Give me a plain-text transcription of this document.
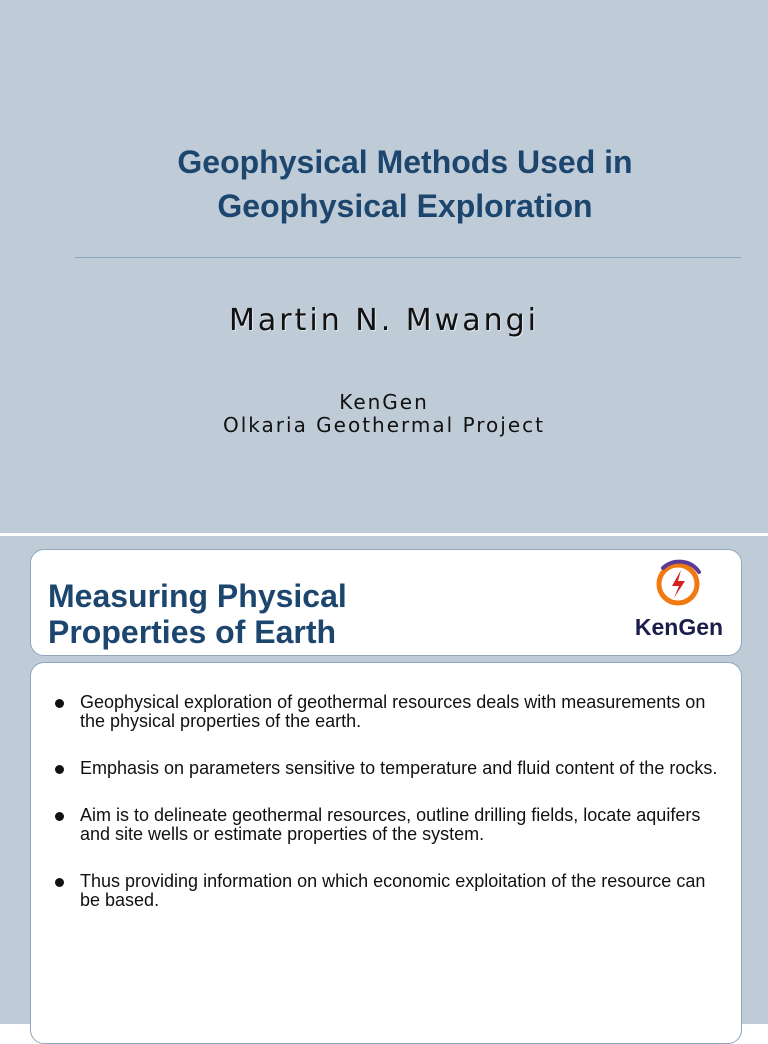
Geophysical Methods Used in
Geophysical Exploration
Martin N. Mwangi
KenGen
Olkaria Geothermal Project
Measuring Physical
Properties of Earth	KenGen
Geophysical exploration of geothermal resources deals with measurements on the physical properties of the earth.
Emphasis on parameters sensitive to temperature and fluid content of the rocks.
Aim is to delineate geothermal resources, outline drilling fields, locate aquifers and site wells or estimate properties of the system.
Thus providing information on which economic exploitation of the resource can be based.
